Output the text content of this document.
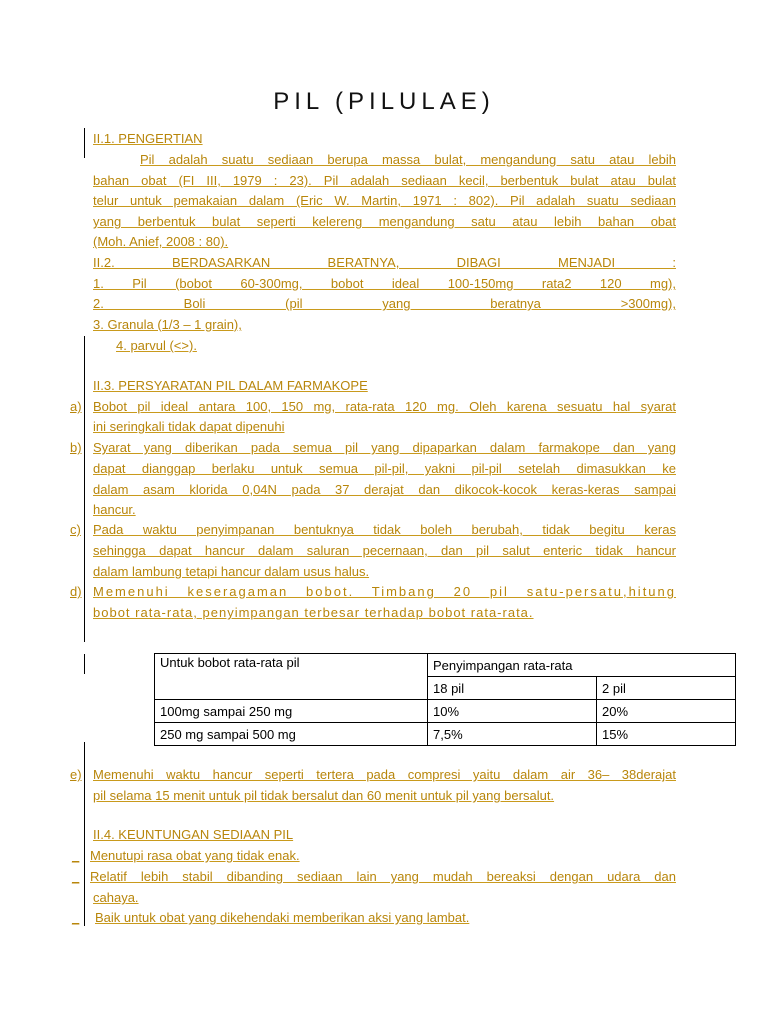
PIL (PILULAE)
II.1. PENGERTIAN
Pil adalah suatu sediaan berupa massa bulat, mengandung satu atau lebih
bahan obat (FI III, 1979 : 23). Pil adalah sediaan kecil, berbentuk bulat atau bulat
telur untuk pemakaian dalam (Eric W. Martin, 1971 : 802). Pil adalah suatu sediaan
yang berbentuk bulat seperti kelereng mengandung satu atau lebih bahan obat
(Moh. Anief, 2008 : 80).
II.2. BERDASARKAN BERATNYA, DIBAGI MENJADI :
1. Pil (bobot 60-300mg, bobot ideal 100-150mg rata2 120 mg),
2. Boli (pil yang beratnya >300mg),
3. Granula (1/3 – 1 grain),
4. parvul (<>).
II.3. PERSYARATAN PIL DALAM FARMAKOPE
a) Bobot pil ideal antara 100, 150 mg, rata-rata 120 mg. Oleh karena sesuatu hal syarat
ini seringkali tidak dapat dipenuhi
b) Syarat yang diberikan pada semua pil yang dipaparkan dalam farmakope dan yang
dapat dianggap berlaku untuk semua pil-pil, yakni pil-pil setelah dimasukkan ke
dalam asam klorida 0,04N pada 37 derajat dan dikocok-kocok keras-keras sampai
hancur.
c) Pada waktu penyimpanan bentuknya tidak boleh berubah, tidak begitu keras
sehingga dapat hancur dalam saluran pecernaan, dan pil salut enteric tidak hancur
dalam lambung tetapi hancur dalam usus halus.
d) Memenuhi keseragaman bobot. Timbang 20 pil satu-persatu,hitung
bobot rata-rata, penyimpangan terbesar terhadap bobot rata-rata.
Untuk bobot rata-rata pil	Penyimpangan rata-rata	
	18 pil	2 pil
100mg sampai 250 mg	10%	20%
250 mg sampai 500 mg	7,5%	15%
e) Memenuhi waktu hancur seperti tertera pada compresi yaitu dalam air 36– 38derajat
pil selama 15 menit untuk pil tidak bersalut dan 60 menit untuk pil yang bersalut.
II.4. KEUNTUNGAN SEDIAAN PIL
_ Menutupi rasa obat yang tidak enak.
_ Relatif lebih stabil dibanding sediaan lain yang mudah bereaksi dengan udara dan
cahaya.
_ Baik untuk obat yang dikehendaki memberikan aksi yang lambat.
